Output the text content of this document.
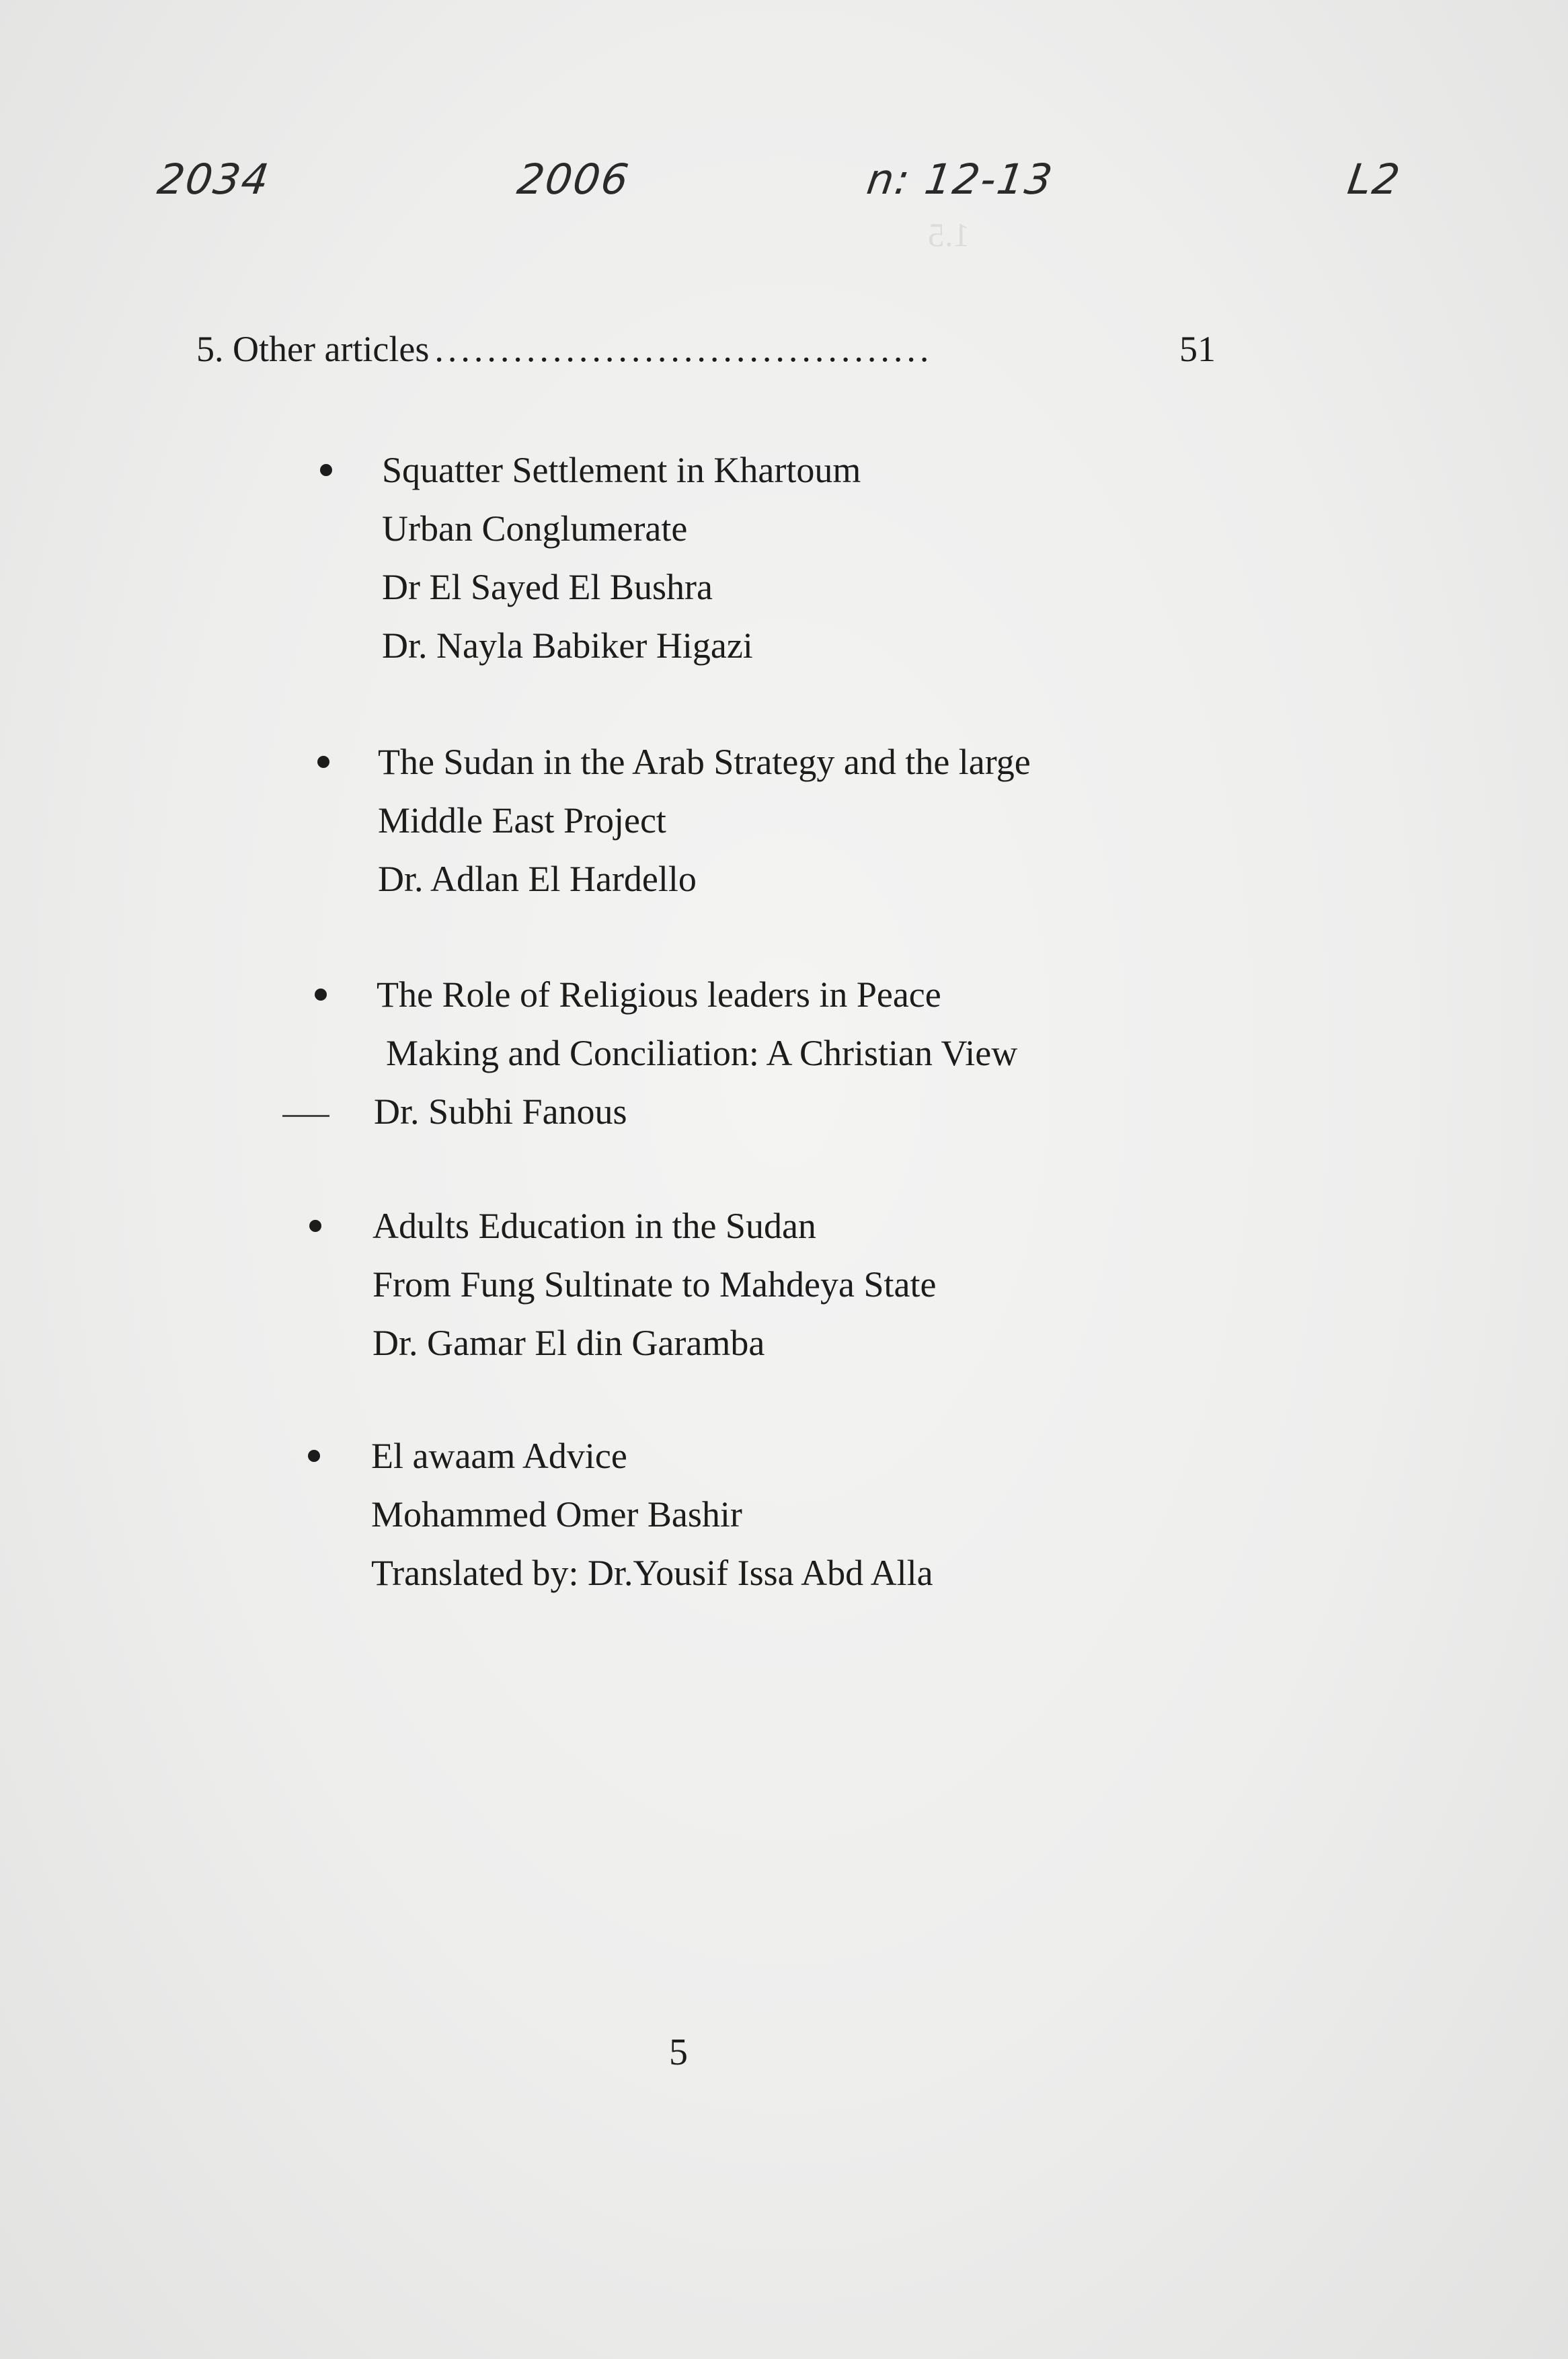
1.5
2034	2006	n: 12-13	L2
5. Other articles ......................................	51
Squatter Settlement in Khartoum
Urban Conglumerate
Dr El Sayed El Bushra
Dr. Nayla Babiker Higazi
The Sudan in the Arab Strategy and the large
Middle East Project
Dr. Adlan El Hardello
The Role of Religious leaders in Peace
Making and Conciliation: A Christian View
Dr. Subhi Fanous
Adults Education in the Sudan
From Fung Sultinate to Mahdeya State
Dr. Gamar El din Garamba
El awaam Advice
Mohammed Omer Bashir
Translated by: Dr.Yousif Issa Abd Alla
5
